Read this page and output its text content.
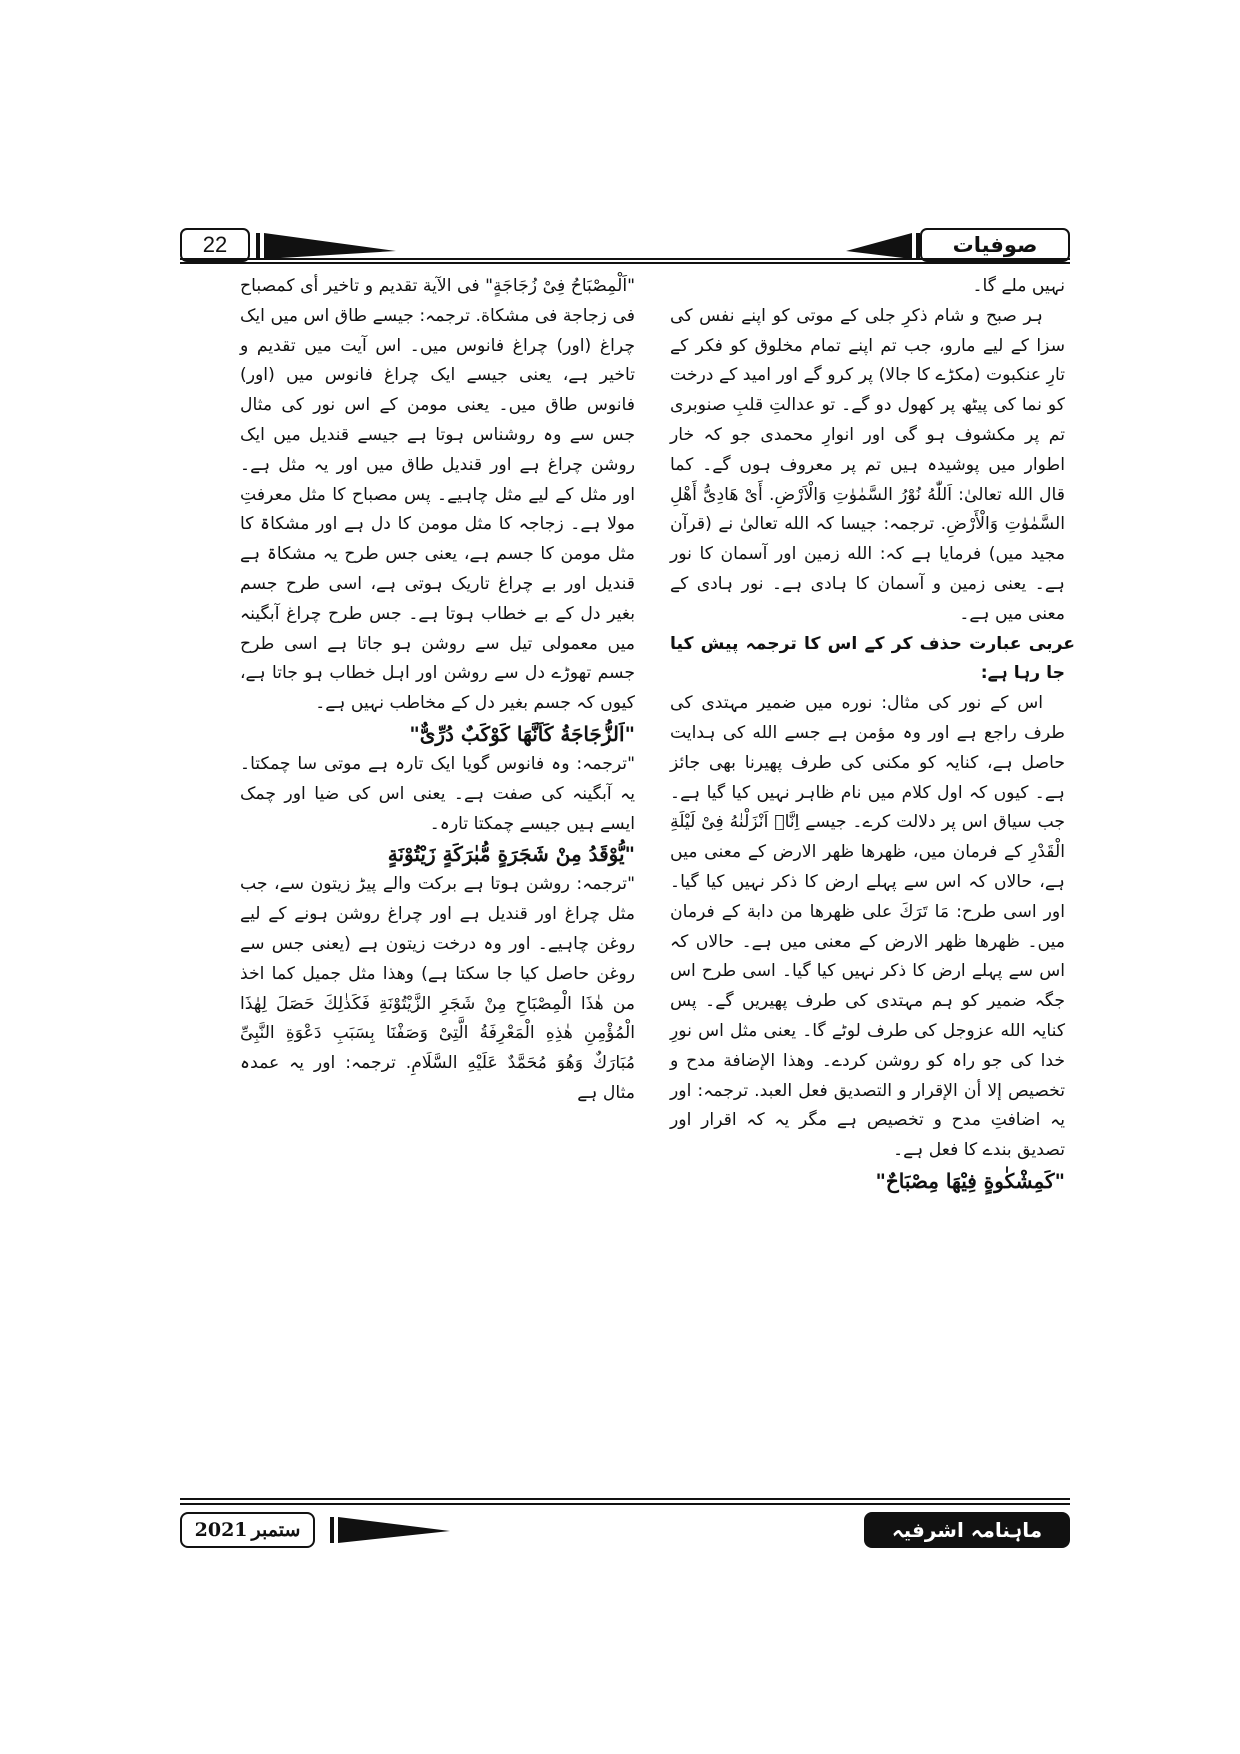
22	صوفیات

"اَلْمِصْبَاحُ فِیْ زُجَاجَةٍ" فی الآیة تقدیم و تاخیر أی کمصباح فی زجاجة فی مشکاة. ترجمہ: جیسے طاق اس میں ایک چراغ (اور) چراغ فانوس میں۔ اس آیت میں تقدیم و تاخیر ہے، یعنی جیسے ایک چراغ فانوس میں (اور) فانوس طاق میں۔ یعنی مومن کے اس نور کی مثال جس سے وہ روشناس ہوتا ہے جیسے قندیل میں ایک روشن چراغ ہے اور قندیل طاق میں اور یہ مثل ہے۔ اور مثل کے لیے مثل چاہیے۔ پس مصباح کا مثل معرفتِ مولا ہے۔ زجاجہ کا مثل مومن کا دل ہے اور مشکاۃ کا مثل مومن کا جسم ہے، یعنی جس طرح یہ مشکاۃ ہے قندیل اور بے چراغ تاریک ہوتی ہے، اسی طرح جسم بغیر دل کے بے خطاب ہوتا ہے۔ جس طرح چراغ آبگینہ میں معمولی تیل سے روشن ہو جاتا ہے اسی طرح جسم تھوڑے دل سے روشن اور اہل خطاب ہو جاتا ہے، کیوں کہ جسم بغیر دل کے مخاطب نہیں ہے۔

"اَلزُّجَاجَةُ كَاَنَّهَا كَوْكَبٌ دُرِّیٌّ"

"ترجمہ: وہ فانوس گویا ایک تارہ ہے موتی سا چمکتا۔ یہ آبگینہ کی صفت ہے۔ یعنی اس کی ضیا اور چمک ایسے ہیں جیسے چمکتا تارہ۔

"یُّوْقَدُ مِنْ شَجَرَةٍ مُّبٰرَكَةٍ زَیْتُوْنَةٍ

"ترجمہ: روشن ہوتا ہے برکت والے پیڑ زیتون سے، جب مثل چراغ اور قندیل ہے اور چراغ روشن ہونے کے لیے روغن چاہیے۔ اور وہ درخت زیتون ہے (یعنی جس سے روغن حاصل کیا جا سکتا ہے) وھذا مثل جمیل کما اخذ من ھٰذَا الْمِصْبَاحِ مِنْ شَجَرِ الزَّیْتُوْنَةِ فَكَذٰلِكَ حَصَلَ لِهٰذَا الْمُؤْمِنِ هٰذِهِ الْمَعْرِفَةُ الَّتِیْ وَصَفْنَا بِسَبَبِ دَعْوَةِ النَّبِیِّ مُبَارَكٌ وَهُوَ مُحَمَّدٌ عَلَیْهِ السَّلَامِ. ترجمہ: اور یہ عمدہ مثال ہے

نہیں ملے گا۔

ہر صبح و شام ذکرِ جلی کے موتی کو اپنے نفس کی سزا کے لیے مارو، جب تم اپنے تمام مخلوق کو فکر کے تارِ عنکبوت (مکڑے کا جالا) پر کرو گے اور امید کے درخت کو نما کی پیٹھ پر کھول دو گے۔ تو عدالتِ قلبِ صنوبری تم پر مکشوف ہو گی اور انوارِ محمدی جو کہ خار اطوار میں پوشیدہ ہیں تم پر معروف ہوں گے۔ کما قال الله تعالیٰ: اَللّٰهُ نُوْرُ السَّمٰوٰتِ وَالْاَرْضِ. أَیْ هَادِیُّ أَهْلِ السَّمٰوٰتِ وَالْأَرْضِ. ترجمہ: جیسا کہ الله تعالیٰ نے (قرآن مجید میں) فرمایا ہے کہ: الله زمین اور آسمان کا نور ہے۔ یعنی زمین و آسمان کا ہادی ہے۔ نور ہادی کے معنی میں ہے۔

عربی عبارت حذف کر کے اس کا ترجمہ پیش کیا جا رہا ہے:

اس کے نور کی مثال: نوره میں ضمیر مہتدی کی طرف راجع ہے اور وہ مؤمن ہے جسے الله کی ہدایت حاصل ہے، کنایہ کو مکنی کی طرف پھیرنا بھی جائز ہے۔ کیوں کہ اول کلام میں نام ظاہر نہیں کیا گیا ہے۔ جب سیاق اس پر دلالت کرے۔ جیسے اِنَّاۤ اَنْزَلْنٰهُ فِیْ لَیْلَةِ الْقَدْرِ کے فرمان میں، ظهرها ظهر الارض کے معنی میں ہے، حالاں کہ اس سے پہلے ارض کا ذکر نہیں کیا گیا۔ اور اسی طرح: مَا تَرَكَ علی ظهرها من دابة کے فرمان میں۔ ظهرها ظهر الارض کے معنی میں ہے۔ حالاں کہ اس سے پہلے ارض کا ذکر نہیں کیا گیا۔ اسی طرح اس جگہ ضمیر کو ہم مہتدی کی طرف پھیریں گے۔ پس کنایہ الله عزوجل کی طرف لوٹے گا۔ یعنی مثل اس نورِ خدا کی جو راہ کو روشن کردے۔ وھذا الإضافة مدح و تخصیص إلا أن الإقرار و التصدیق فعل العبد. ترجمہ: اور یہ اضافتِ مدح و تخصیص ہے مگر یہ کہ اقرار اور تصدیق بندے کا فعل ہے۔

"كَمِشْكٰوةٍ فِیْهَا مِصْبَاحٌ"

2021 ستمبر	ماہنامہ اشرفیہ
